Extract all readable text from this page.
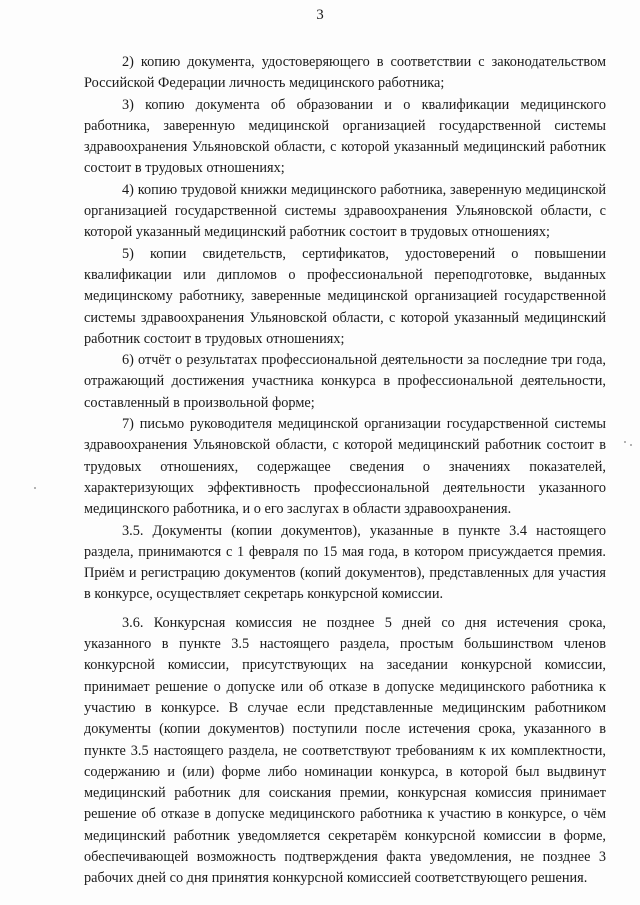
3

2) копию документа, удостоверяющего в соответствии с законодательством Российской Федерации личность медицинского работника;

3) копию документа об образовании и о квалификации медицинского работника, заверенную медицинской организацией государственной системы здравоохранения Ульяновской области, с которой указанный медицинский работник состоит в трудовых отношениях;

4) копию трудовой книжки медицинского работника, заверенную медицинской организацией государственной системы здравоохранения Ульяновской области, с которой указанный медицинский работник состоит в трудовых отношениях;

5) копии свидетельств, сертификатов, удостоверений о повышении квалификации или дипломов о профессиональной переподготовке, выданных медицинскому работнику, заверенные медицинской организацией государственной системы здравоохранения Ульяновской области, с которой указанный медицинский работник состоит в трудовых отношениях;

6) отчёт о результатах профессиональной деятельности за последние три года, отражающий достижения участника конкурса в профессиональной деятельности, составленный в произвольной форме;

7) письмо руководителя медицинской организации государственной системы здравоохранения Ульяновской области, с которой медицинский работник состоит в трудовых отношениях, содержащее сведения о значениях показателей, характеризующих эффективность профессиональной деятельности указанного медицинского работника, и о его заслугах в области здравоохранения.

3.5. Документы (копии документов), указанные в пункте 3.4 настоящего раздела, принимаются с 1 февраля по 15 мая года, в котором присуждается премия. Приём и регистрацию документов (копий документов), представленных для участия в конкурсе, осуществляет секретарь конкурсной комиссии.

3.6. Конкурсная комиссия не позднее 5 дней со дня истечения срока, указанного в пункте 3.5 настоящего раздела, простым большинством членов конкурсной комиссии, присутствующих на заседании конкурсной комиссии, принимает решение о допуске или об отказе в допуске медицинского работника к участию в конкурсе. В случае если представленные медицинским работником документы (копии документов) поступили после истечения срока, указанного в пункте 3.5 настоящего раздела, не соответствуют требованиям к их комплектности, содержанию и (или) форме либо номинации конкурса, в которой был выдвинут медицинский работник для соискания премии, конкурсная комиссия принимает решение об отказе в допуске медицинского работника к участию в конкурсе, о чём медицинский работник уведомляется секретарём конкурсной комиссии в форме, обеспечивающей возможность подтверждения факта уведомления, не позднее 3 рабочих дней со дня принятия конкурсной комиссией соответствующего решения.
